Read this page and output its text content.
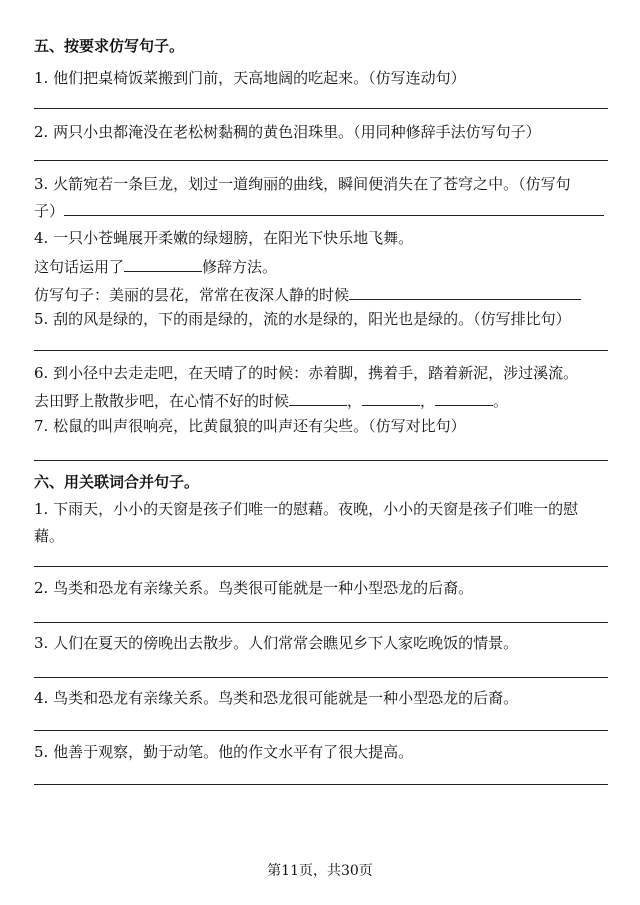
五、按要求仿写句子。
1. 他们把桌椅饭菜搬到门前，天高地阔的吃起来。（仿写连动句）
2. 两只小虫都淹没在老松树黏稠的黄色泪珠里。（用同种修辞手法仿写句子）
3. 火箭宛若一条巨龙，划过一道绚丽的曲线，瞬间便消失在了苍穹之中。（仿写句
子）
4. 一只小苍蝇展开柔嫩的绿翅膀，在阳光下快乐地飞舞。
这句话运用了	修辞方法。
仿写句子：美丽的昙花，常常在夜深人静的时候
5. 刮的风是绿的，下的雨是绿的，流的水是绿的，阳光也是绿的。（仿写排比句）
6. 到小径中去走走吧，在天晴了的时候：赤着脚，携着手，踏着新泥，涉过溪流。
去田野上散散步吧，在心情不好的时候	，	，	。
7. 松鼠的叫声很响亮，比黄鼠狼的叫声还有尖些。（仿写对比句）
六、用关联词合并句子。
1. 下雨天，小小的天窗是孩子们唯一的慰藉。夜晚，小小的天窗是孩子们唯一的慰
藉。
2. 鸟类和恐龙有亲缘关系。鸟类很可能就是一种小型恐龙的后裔。
3. 人们在夏天的傍晚出去散步。人们常常会瞧见乡下人家吃晚饭的情景。
4. 鸟类和恐龙有亲缘关系。鸟类和恐龙很可能就是一种小型恐龙的后裔。
5. 他善于观察，勤于动笔。他的作文水平有了很大提高。
第11页，共30页
